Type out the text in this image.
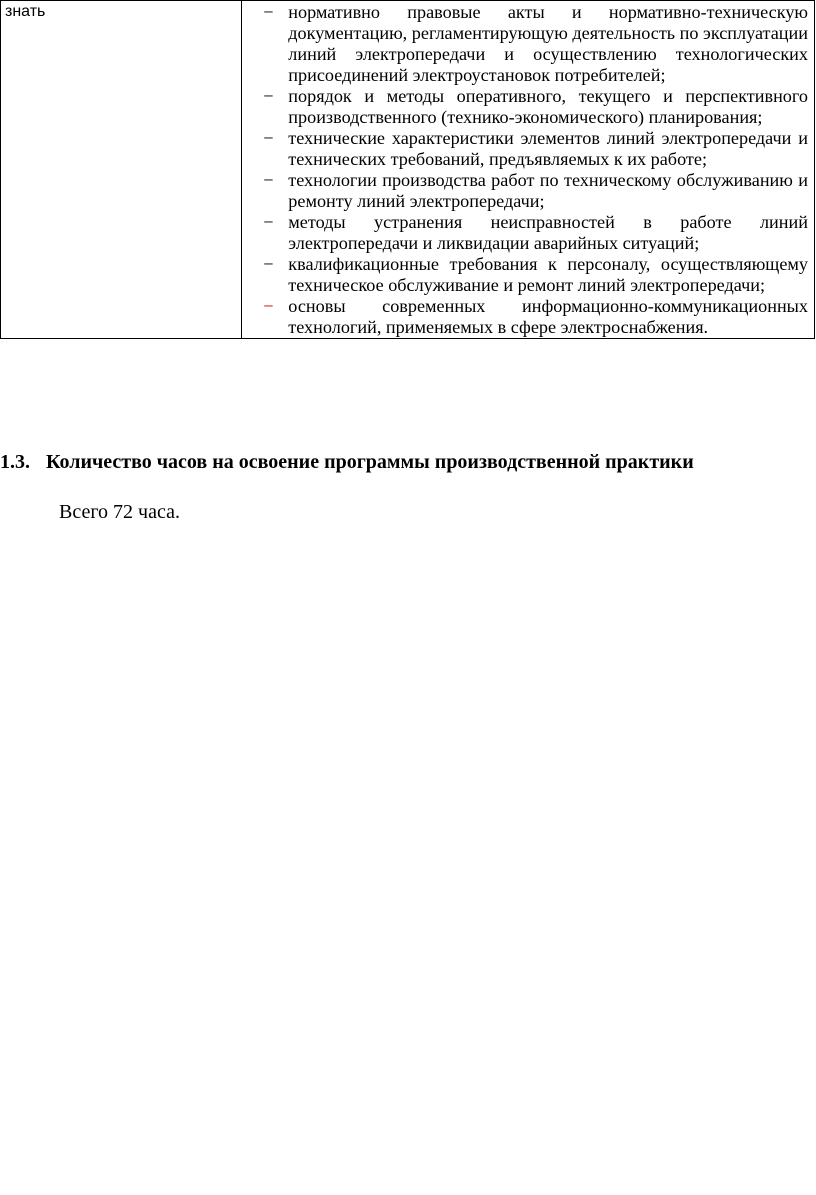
знать	− нормативно правовые акты и нормативно-техническую документацию, регламентирующую деятельность по эксплуатации линий электропередачи и осуществлению технологических присоединений электроустановок потребителей;
− порядок и методы оперативного, текущего и перспективного производственного (технико-экономического) планирования;
− технические характеристики элементов линий электропередачи и технических требований, предъявляемых к их работе;
− технологии производства работ по техническому обслуживанию и ремонту линий электропередачи;
− методы устранения неисправностей в работе линий электропередачи и ликвидации аварийных ситуаций;
− квалификационные требования к персоналу, осуществляющему техническое обслуживание и ремонт линий электропередачи;
− основы современных информационно-коммуникационных технологий, применяемых в сфере электроснабжения.
1.3. Количество часов на освоение программы производственной практики

Всего 72 часа.
